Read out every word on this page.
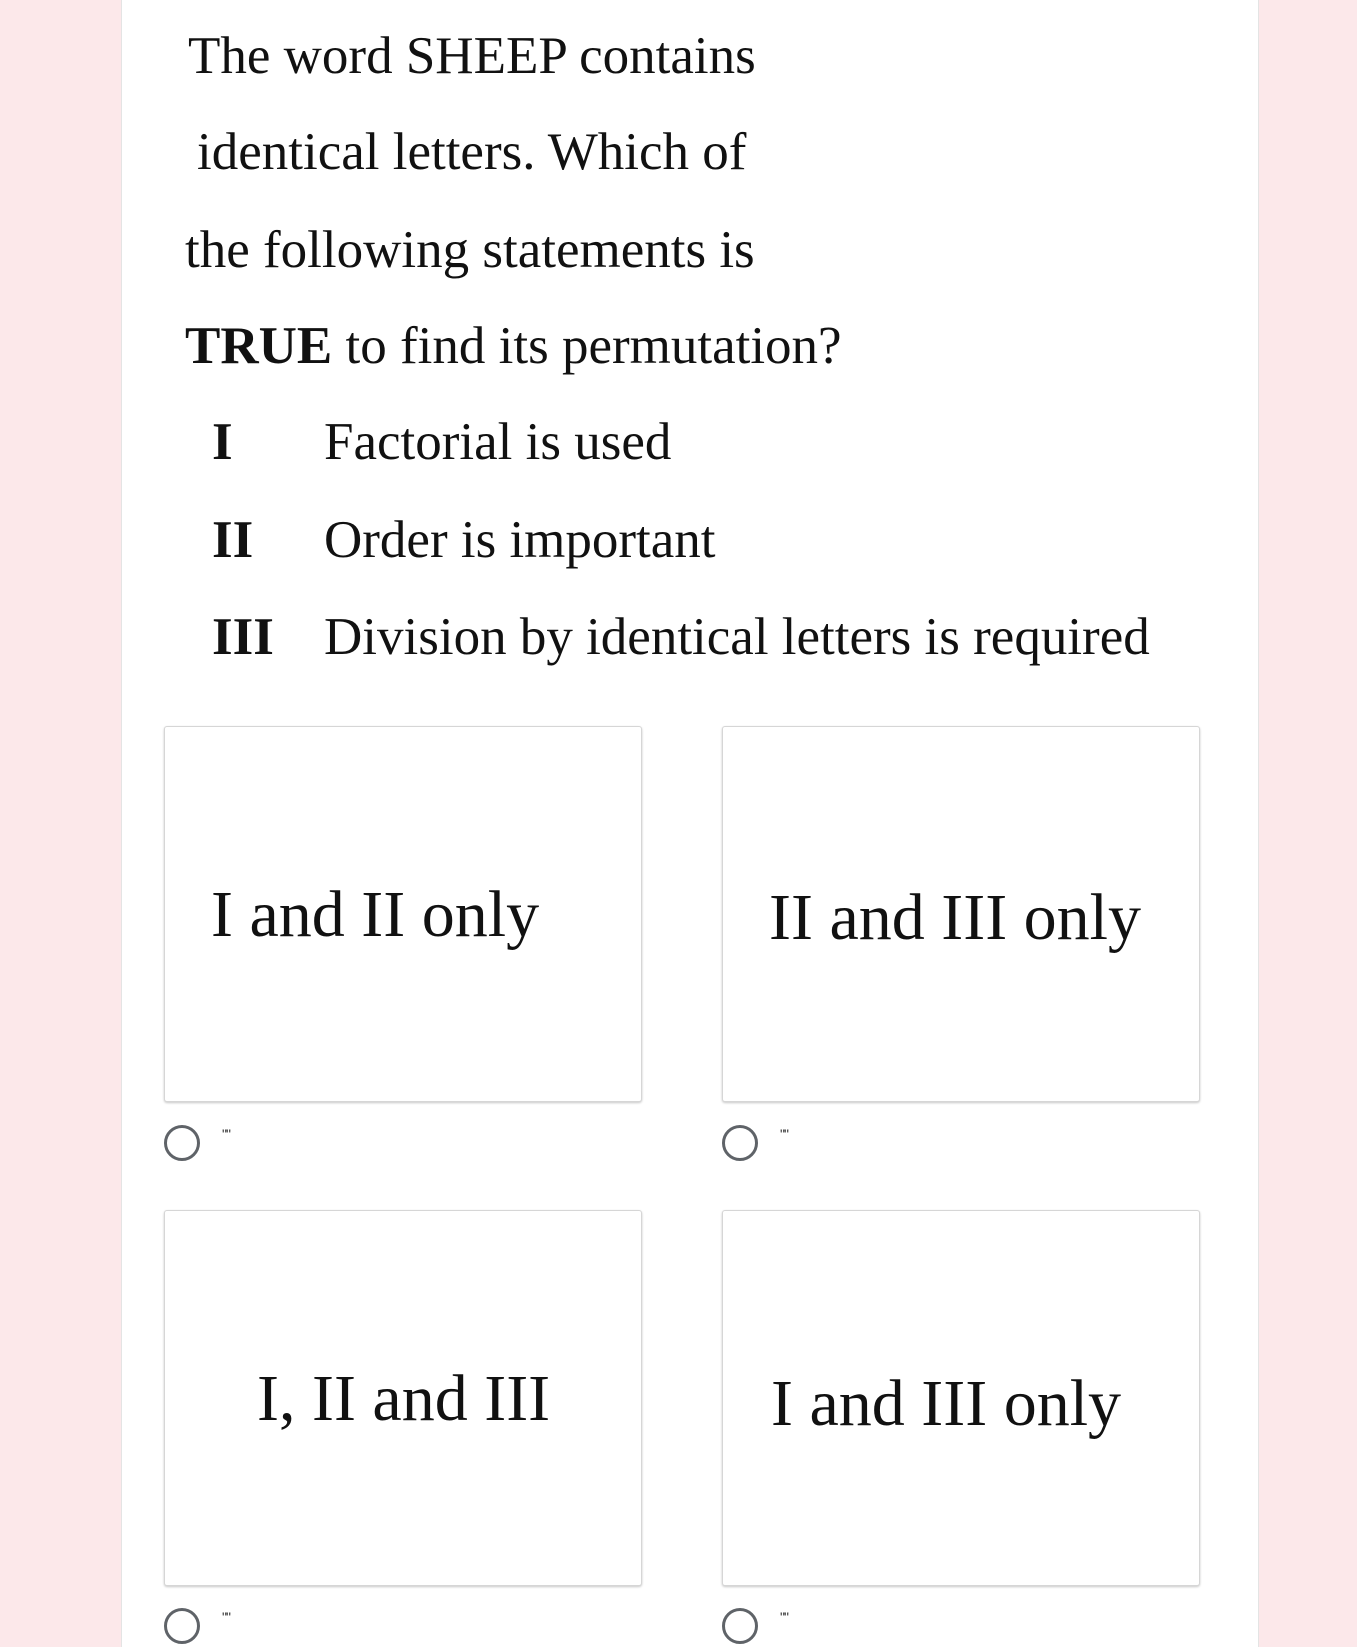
The word SHEEP contains
identical letters. Which of
the following statements is
TRUE to find its permutation?
I Factorial is used
II Order is important
III Division by identical letters is required
I and II only
""
II and III only
""
I, II and III
""
I and III only
""
